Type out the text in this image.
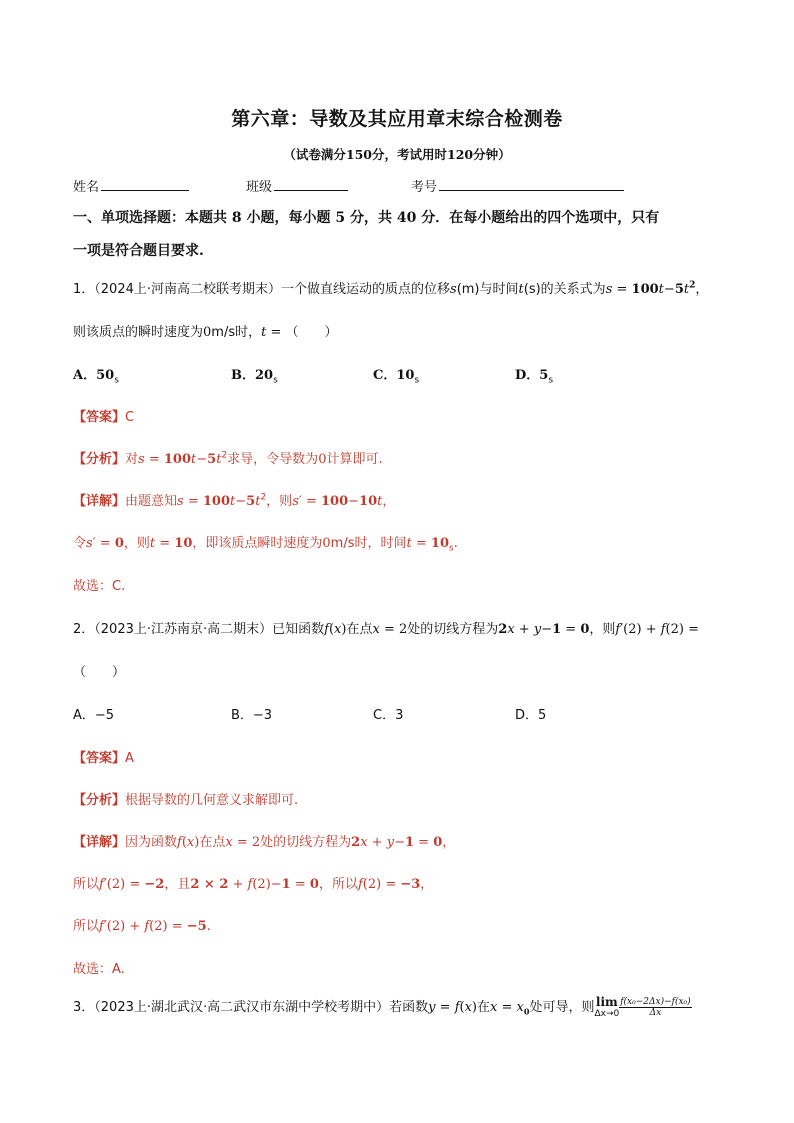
第六章：导数及其应用章末综合检测卷
（试卷满分150分，考试用时120分钟）
姓名	班级	考号
一、单项选择题：本题共 8 小题，每小题 5 分，共 40 分．在每小题给出的四个选项中，只有
一项是符合题目要求.
1．（2024上·河南高二校联考期末）一个做直线运动的质点的位移s(m)与时间t(s)的关系式为$s = 100t-5t^2$，
则该质点的瞬时速度为0m/s时，t = （　　）
A．$50_s$	B．$20_s$	C．$10_s$	D．$5_s$
【答案】C
【分析】对$s = 100t-5t^2$求导，令导数为0计算即可.
【详解】由题意知$s = 100t-5t^2$，则s′ = 100−10t，
令s′ = 0，则t = 10，即该质点瞬时速度为0m/s时，时间$t = 10_s$.
故选：C.
2．（2023上·江苏南京·高二期末）已知函数f(x)在点x = 2处的切线方程为2x + y−1 = 0，则f′(2) + f(2) =
（　　）
A．−5	B．−3	C．3	D．5
【答案】A
【分析】根据导数的几何意义求解即可.
【详解】因为函数f(x)在点x = 2处的切线方程为2x + y−1 = 0，
所以f′(2) = −2，且2 × 2 + f(2)−1 = 0，所以f(2) = −3，
所以f′(2) + f(2) = −5.
故选：A.
3．（2023上·湖北武汉·高二武汉市东湖中学校考期中）若函数y = f(x)在$x = x_0$处可导，则lim
$\Delta x\to 0\frac{\text{f(x₀−2Δx)−f(x₀)}}{\Delta x}$
